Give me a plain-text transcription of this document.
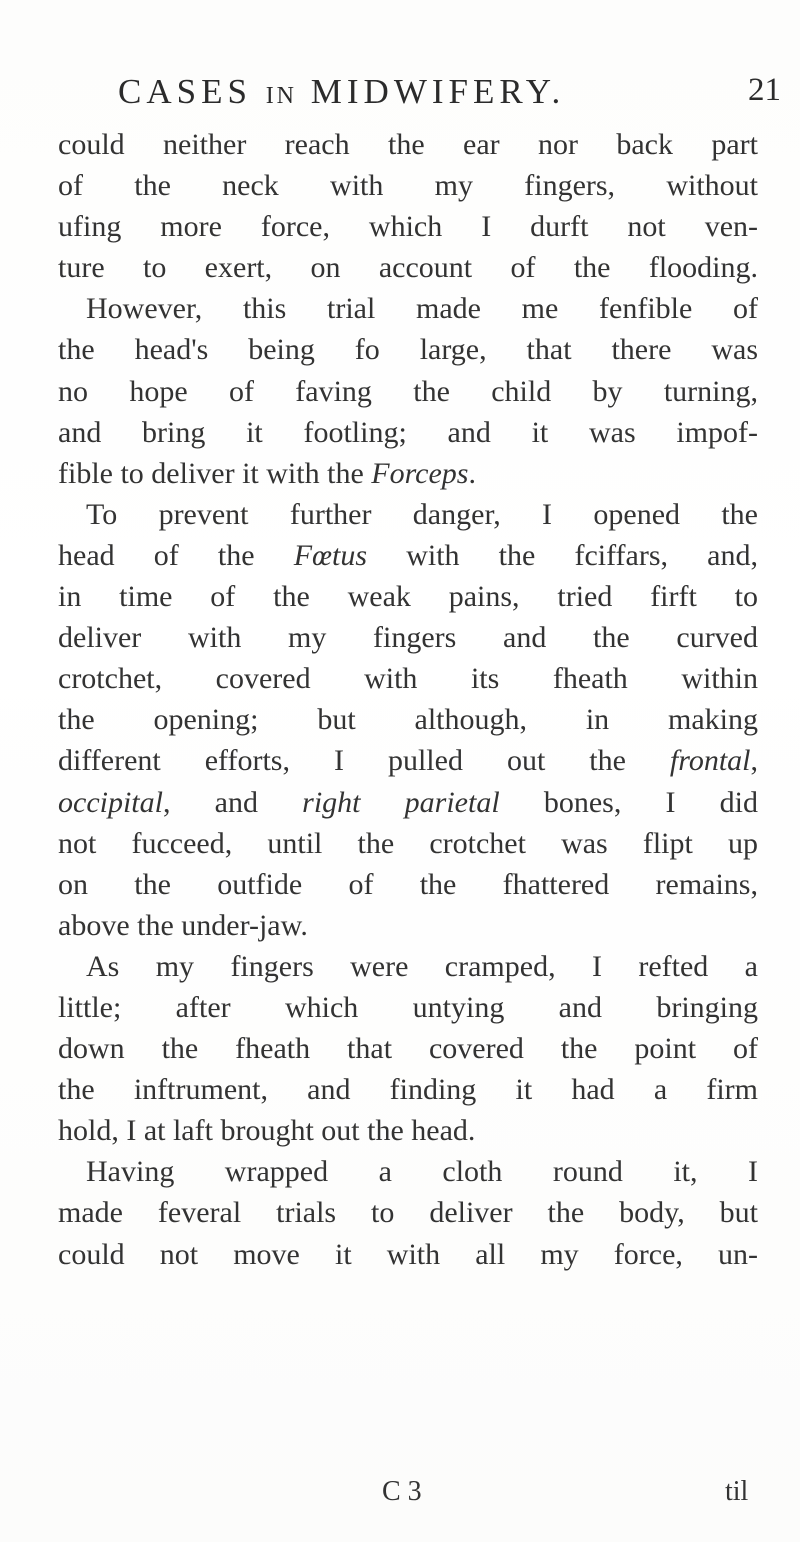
CASES IN MIDWIFERY.	21
could neither reach the ear nor back part
of the neck with my fingers, without
ufing more force, which I durft not ven-
ture to exert, on account of the flooding.
However, this trial made me fenfible of
the head's being fo large, that there was
no hope of faving the child by turning,
and bring it footling; and it was impof-
fible to deliver it with the Forceps.
To prevent further danger, I opened the
head of the Fœtus with the fciffars, and,
in time of the weak pains, tried firft to
deliver with my fingers and the curved
crotchet, covered with its fheath within
the opening; but although, in making
different efforts, I pulled out the frontal,
occipital, and right parietal bones, I did
not fucceed, until the crotchet was flipt up
on the outfide of the fhattered remains,
above the under-jaw.
As my fingers were cramped, I refted a
little; after which untying and bringing
down the fheath that covered the point of
the inftrument, and finding it had a firm
hold, I at laft brought out the head.
Having wrapped a cloth round it, I
made feveral trials to deliver the body, but
could not move it with all my force, un-
C 3	til
